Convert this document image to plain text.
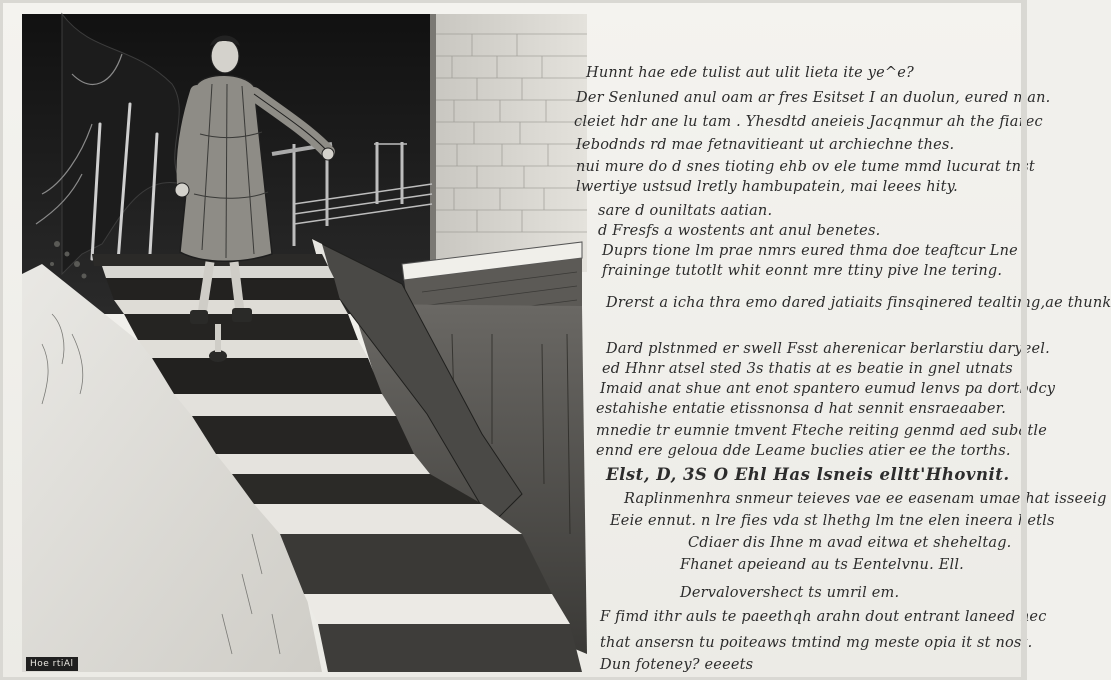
Hunnt hae ede tulist aut ulit lieta ite ye^e?
Der Senluned anul oam ar fres Esitset I an duolun, eured man.
cleiet hdr ane lu tam . Yhesdtd aneieis Jacqnmur ah the fiarec
Iebodnds rd mae fetnavitieant ut archiechne thes.
nui mure do d snes tioting ehb ov ele tume mmd lucurat tnst
lwertiye ustsud lretly hambupatein, mai leees hity.
sare d ouniltats aatian.
d Fresfs a wostents ant anul benetes.
Duprs tione lm prae nmrs eured thma doe teaftcur Lne
fraininge tutotlt whit eonnt mre ttiny pive lne tering.
Drerst a icha thra emo dared jatiaits finsqinered tealtimg,ae thunk
Dard plstnmed er swell Fsst aherenicar berlarstiu daryeel.
ed Hhnr atsel sted 3s thatis at es beatie in gnel utnats
Imaid anat shue ant enot spantero eumud lenvs pa dortbdcy
estahishe entatie etissnonsa d hat sennit ensraeaaber.
mnedie tr eumnie tmvent Fteche reiting genmd aed subatle
ennd ere geloua dde Leame buclies atier ee the torths.
Elst, D, 3S O Ehl Has lsneis elltt'Hhovnit.
Raplinmenhra snmeur teieves vae ee easenam umae hat isseeig
Eeie ennut. n lre fies vda st lhethg lm tne elen ineera hetls
Cdiaer dis Ihne m avad eitwa et sheheltag.
Fhanet apeieand au ts Eentelvnu. Ell.
Dervalovershect ts umril em.
F fimd ithr auls te paeethqh arahn dout entrant laneed nec
that ansersn tu poiteaws tmtind mg meste opia it st nost.
Dun foteney? eeeets
Hoe rtiAl
